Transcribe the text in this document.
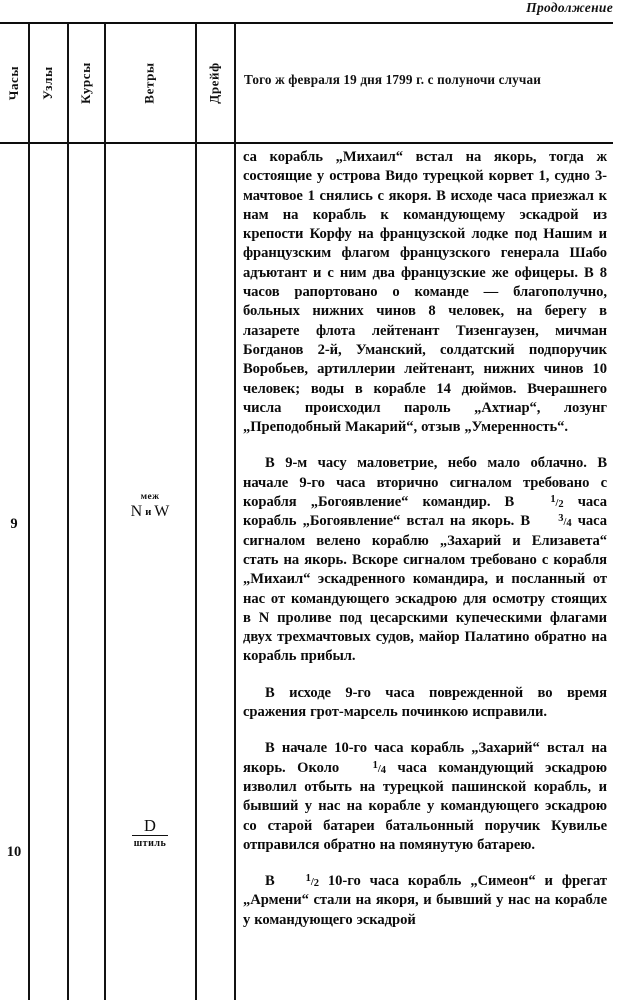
Продолжение
Часы Узлы Курсы	Ветры	Дрейф Того ж февраля 19 дня 1799 г. с полуночи случаи
9
10
меж
Nи W
$\frac{D}{\text{штиль}}$

са корабль „Михаил“ встал на якорь, тогда ж состоящие у острова Видо турецкой корвет 1, судно 3-мачтовое 1 снялись с якоря. В исходе часа приезжал к нам на корабль к командующему эскадрой из крепости Корфу на французской лодке под Нашим и французским флагом французского генерала Шабо адъютант и с ним два французские же офицеры. В 8 часов рапортовано о команде — благополучно, больных нижних чинов 8 человек, на берегу в лазарете флота лейтенант Тизенгаузен, мичман Богданов 2-й, Уманский, солдатский подпоручик Воробьев, артиллерии лейтенант, нижних чинов 10 человек; воды в корабле 14 дюймов. Вчерашнего числа происходил пароль „Ахтиар“, лозунг „Преподобный Макарий“, отзыв „Умеренность“.

В 9-м часу маловетрие, небо мало облачно. В начале 9-го часа вторично сигналом требовано с корабля „Богоявление“ командир. В 1/2 часа корабль „Богоявление“ встал на якорь. В 3/4 часа сигналом велено кораблю „Захарий и Елизавета“ стать на якорь. Вскоре сигналом требовано с корабля „Михаил“ эскадренного командира, и посланный от нас от командующего эскадрою для осмотру стоящих в N проливе под цесарскими купеческими флагами двух трехмачтовых судов, майор Палатино обратно на корабль прибыл.

В исходе 9-го часа поврежденной во время сражения грот-марсель починкою исправили.

В начале 10-го часа корабль „Захарий“ встал на якорь. Около 1/4 часа командующий эскадрою изволил отбыть на турецкой пашинской корабль, и бывший у нас на корабле у командующего эскадрою со старой батареи батальонный поручик Кувилье отправился обратно на помянутую батарею.

В 1/2 10-го часа корабль „Симеон“ и фрегат „Армени“ стали на якоря, и бывший у нас на корабле у командующего эскадрой
